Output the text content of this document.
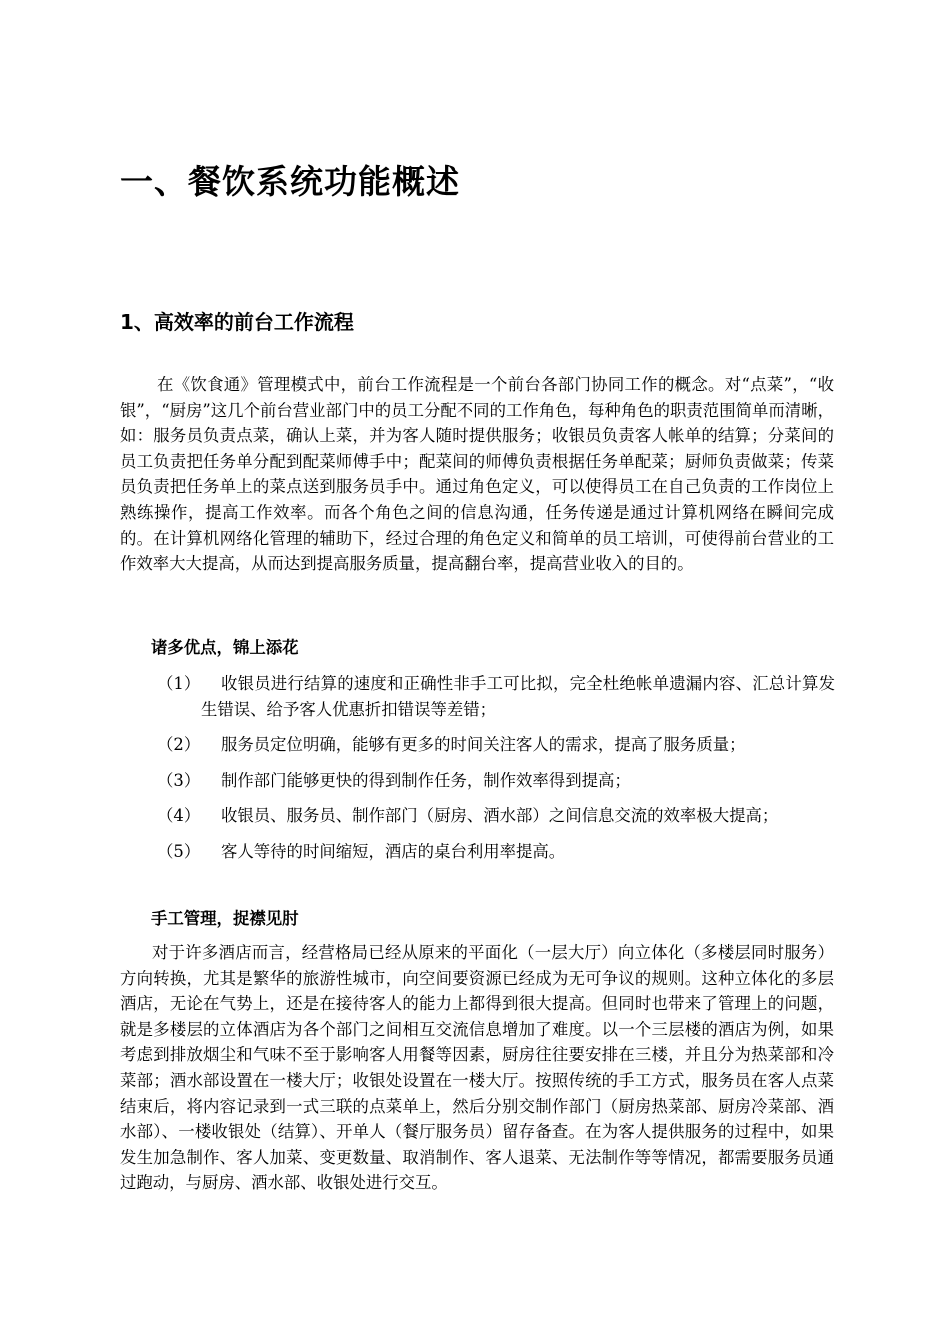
一、餐饮系统功能概述
1、高效率的前台工作流程

在《饮食通》管理模式中，前台工作流程是一个前台各部门协同工作的概念。对“点菜”，“收银”，“厨房”这几个前台营业部门中的员工分配不同的工作角色，每种角色的职责范围简单而清晰，如：服务员负责点菜，确认上菜，并为客人随时提供服务；收银员负责客人帐单的结算；分菜间的员工负责把任务单分配到配菜师傅手中；配菜间的师傅负责根据任务单配菜；厨师负责做菜；传菜员负责把任务单上的菜点送到服务员手中。通过角色定义，可以使得员工在自己负责的工作岗位上熟练操作，提高工作效率。而各个角色之间的信息沟通，任务传递是通过计算机网络在瞬间完成的。在计算机网络化管理的辅助下，经过合理的角色定义和简单的员工培训，可使得前台营业的工作效率大大提高，从而达到提高服务质量，提高翻台率，提高营业收入的目的。

诸多优点，锦上添花
（1）	收银员进行结算的速度和正确性非手工可比拟，完全杜绝帐单遗漏内容、汇总计算发生错误、给予客人优惠折扣错误等差错；
（2）	服务员定位明确，能够有更多的时间关注客人的需求，提高了服务质量；
（3）	制作部门能够更快的得到制作任务，制作效率得到提高；
（4）	收银员、服务员、制作部门（厨房、酒水部）之间信息交流的效率极大提高；
（5）	客人等待的时间缩短，酒店的桌台利用率提高。
手工管理，捉襟见肘

对于许多酒店而言，经营格局已经从原来的平面化（一层大厅）向立体化（多楼层同时服务）方向转换，尤其是繁华的旅游性城市，向空间要资源已经成为无可争议的规则。这种立体化的多层酒店，无论在气势上，还是在接待客人的能力上都得到很大提高。但同时也带来了管理上的问题，就是多楼层的立体酒店为各个部门之间相互交流信息增加了难度。以一个三层楼的酒店为例，如果考虑到排放烟尘和气味不至于影响客人用餐等因素，厨房往往要安排在三楼，并且分为热菜部和冷菜部；酒水部设置在一楼大厅；收银处设置在一楼大厅。按照传统的手工方式，服务员在客人点菜结束后，将内容记录到一式三联的点菜单上，然后分别交制作部门（厨房热菜部、厨房冷菜部、酒水部）、一楼收银处（结算）、开单人（餐厅服务员）留存备查。在为客人提供服务的过程中，如果发生加急制作、客人加菜、变更数量、取消制作、客人退菜、无法制作等等情况，都需要服务员通过跑动，与厨房、酒水部、收银处进行交互。
